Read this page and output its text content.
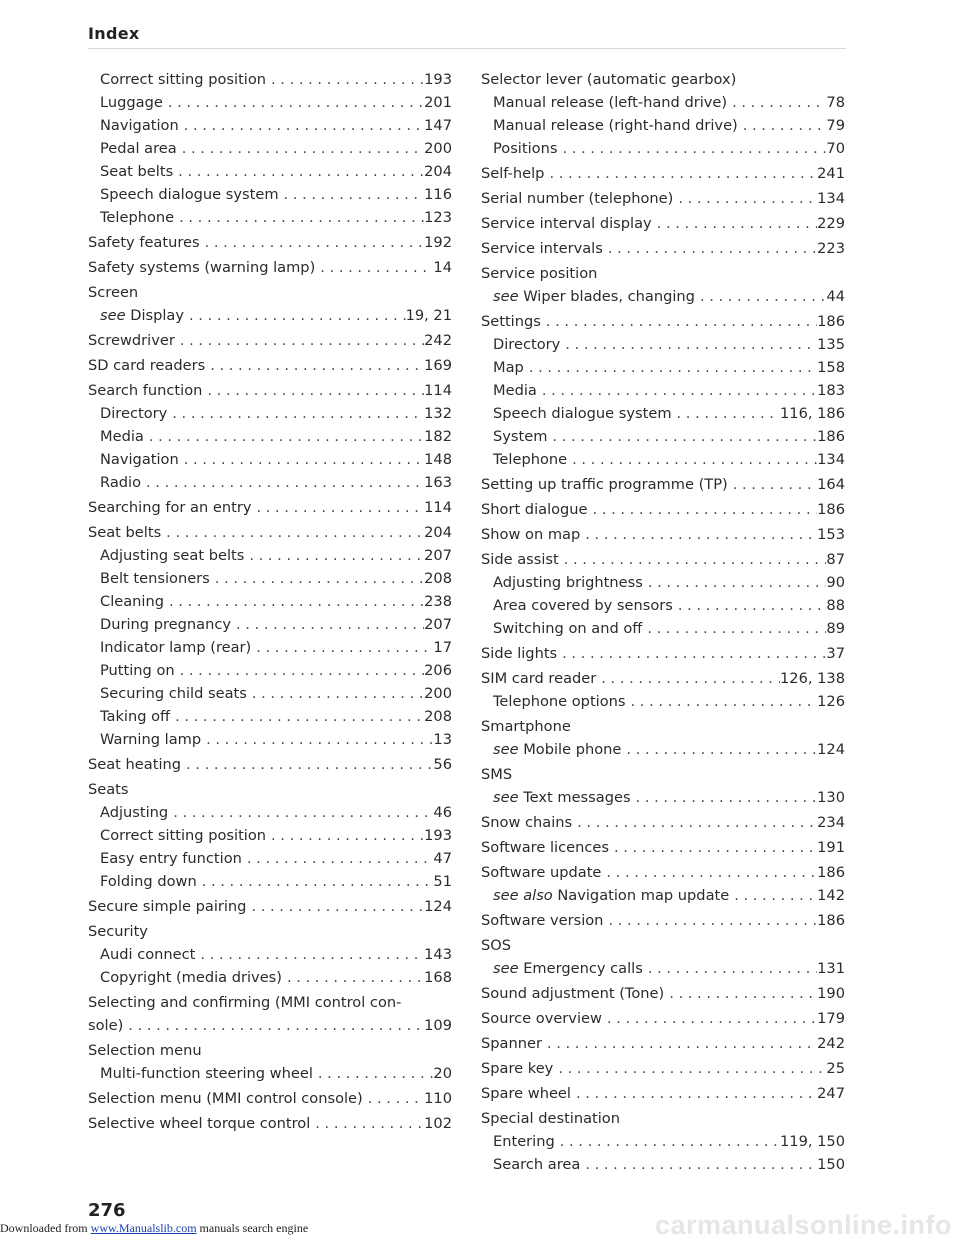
Index
Correct sitting position . . .	193
Luggage . . .	201
Navigation . . .	147
Pedal area . . .	200
Seat belts . . .	204
Speech dialogue system . . .	116
Telephone . . .	123
Safety features . . .	192
Safety systems (warning lamp) . . .	14
Screen
see Display . . .	19, 21
Screwdriver . . .	242
SD card readers . . .	169
Search function . . .	114
Directory . . .	132
Media . . .	182
Navigation . . .	148
Radio . . .	163
Searching for an entry . . .	114
Seat belts . . .	204
Adjusting seat belts . . .	207
Belt tensioners . . .	208
Cleaning . . .	238
During pregnancy . . .	207
Indicator lamp (rear) . . .	17
Putting on . . .	206
Securing child seats . . .	200
Taking off . . .	208
Warning lamp . . .	13
Seat heating . . .	56
Seats
Adjusting . . .	46
Correct sitting position . . .	193
Easy entry function . . .	47
Folding down . . .	51
Secure simple pairing . . .	124
Security
Audi connect . . .	143
Copyright (media drives) . . .	168
Selecting and confirming (MMI control con-
sole) . . .	109
Selection menu
Multi-function steering wheel . . .	20
Selection menu (MMI control console) . . .	110
Selective wheel torque control . . .	102
Selector lever (automatic gearbox)
Manual release (left-hand drive) . . .	78
Manual release (right-hand drive) . . .	79
Positions . . .	70
Self-help . . .	241
Serial number (telephone) . . .	134
Service interval display . . .	229
Service intervals . . .	223
Service position
see Wiper blades, changing . . .	44
Settings . . .	186
Directory . . .	135
Map . . .	158
Media . . .	183
Speech dialogue system . . .	116, 186
System . . .	186
Telephone . . .	134
Setting up traffic programme (TP) . . .	164
Short dialogue . . .	186
Show on map . . .	153
Side assist . . .	87
Adjusting brightness . . .	90
Area covered by sensors . . .	88
Switching on and off . . .	89
Side lights . . .	37
SIM card reader . . .	126, 138
Telephone options . . .	126
Smartphone
see Mobile phone . . .	124
SMS
see Text messages . . .	130
Snow chains . . .	234
Software licences . . .	191
Software update . . .	186
see also Navigation map update . . .	142
Software version . . .	186
SOS
see Emergency calls . . .	131
Sound adjustment (Tone) . . .	190
Source overview . . .	179
Spanner . . .	242
Spare key . . .	25
Spare wheel . . .	247
Special destination
Entering . . .	119, 150
Search area . . .	150
276
Downloaded from www.Manualslib.com manuals search engine	carmanualsonline.info
